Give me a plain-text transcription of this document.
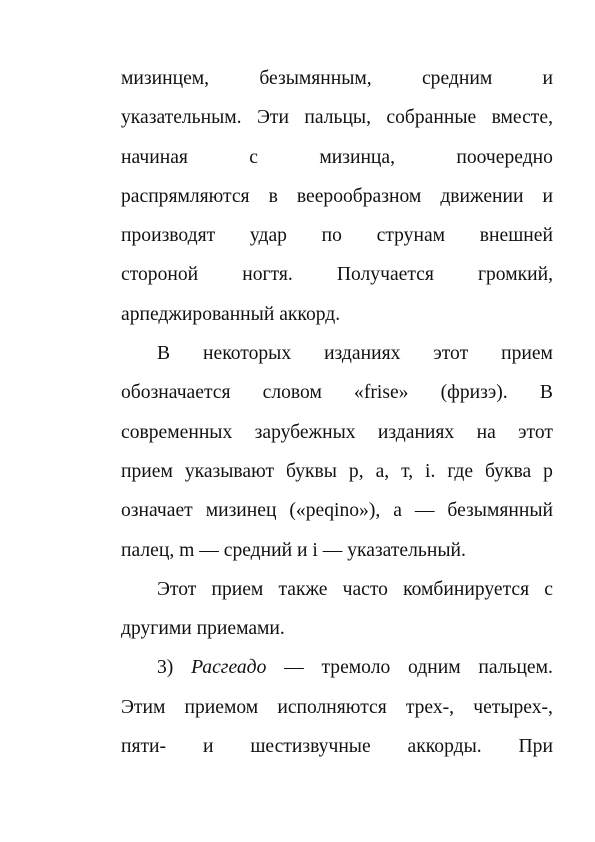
мизинцем,	безымянным,	средним	и
указательным. Эти пальцы, собранные вместе,
начиная	с	мизинца,	поочередно
распрямляются в веерообразном движении и
производят удар по струнам внешней
стороной ногтя. Получается громкий,
арпеджированный аккорд.
В некоторых изданиях этот прием
обозначается словом «frise» (фризэ). В
современных зарубежных изданиях на этот
прием указывают буквы р, а, т, i. где буква р
означает мизинец («peqino»), а — безымянный
палец, m — средний и i — указательный.
Этот прием также часто комбинируется с
другими приемами.
3) Расгеадо — тремоло одним пальцем.
Этим приемом исполняются трех-, четырех-,
пяти- и шестизвучные аккорды. При
